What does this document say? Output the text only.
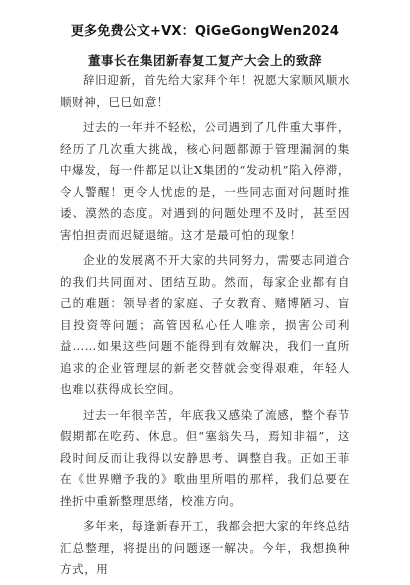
更多免费公文+VX：QiGeGongWen2024
董事长在集团新春复工复产大会上的致辞

辞旧迎新，首先给大家拜个年！祝愿大家顺风顺水顺财神，巳巳如意！

过去的一年并不轻松，公司遇到了几件重大事件，经历了几次重大挑战，核心问题都源于管理漏洞的集中爆发，每一件都足以让X集团的“发动机”陷入停滞，令人警醒！更令人忧虑的是，一些同志面对问题时推诿、漠然的态度。对遇到的问题处理不及时，甚至因害怕担责而迟疑退缩。这才是最可怕的现象！

企业的发展离不开大家的共同努力，需要志同道合的我们共同面对、团结互助。然而，每家企业都有自己的难题：领导者的家庭、子女教育、赌博陋习、盲目投资等问题；高管因私心任人唯亲，损害公司利益……如果这些问题不能得到有效解决，我们一直所追求的企业管理层的新老交替就会变得艰难，年轻人也难以获得成长空间。

过去一年很辛苦，年底我又感染了流感，整个春节假期都在吃药、休息。但“塞翁失马，焉知非福”，这段时间反而让我得以安静思考、调整自我。正如王菲在《世界赠予我的》歌曲里所唱的那样，我们总要在挫折中重新整理思绪，校准方向。

多年来，每逢新春开工，我都会把大家的年终总结汇总整理，将提出的问题逐一解决。今年，我想换种方式，用
